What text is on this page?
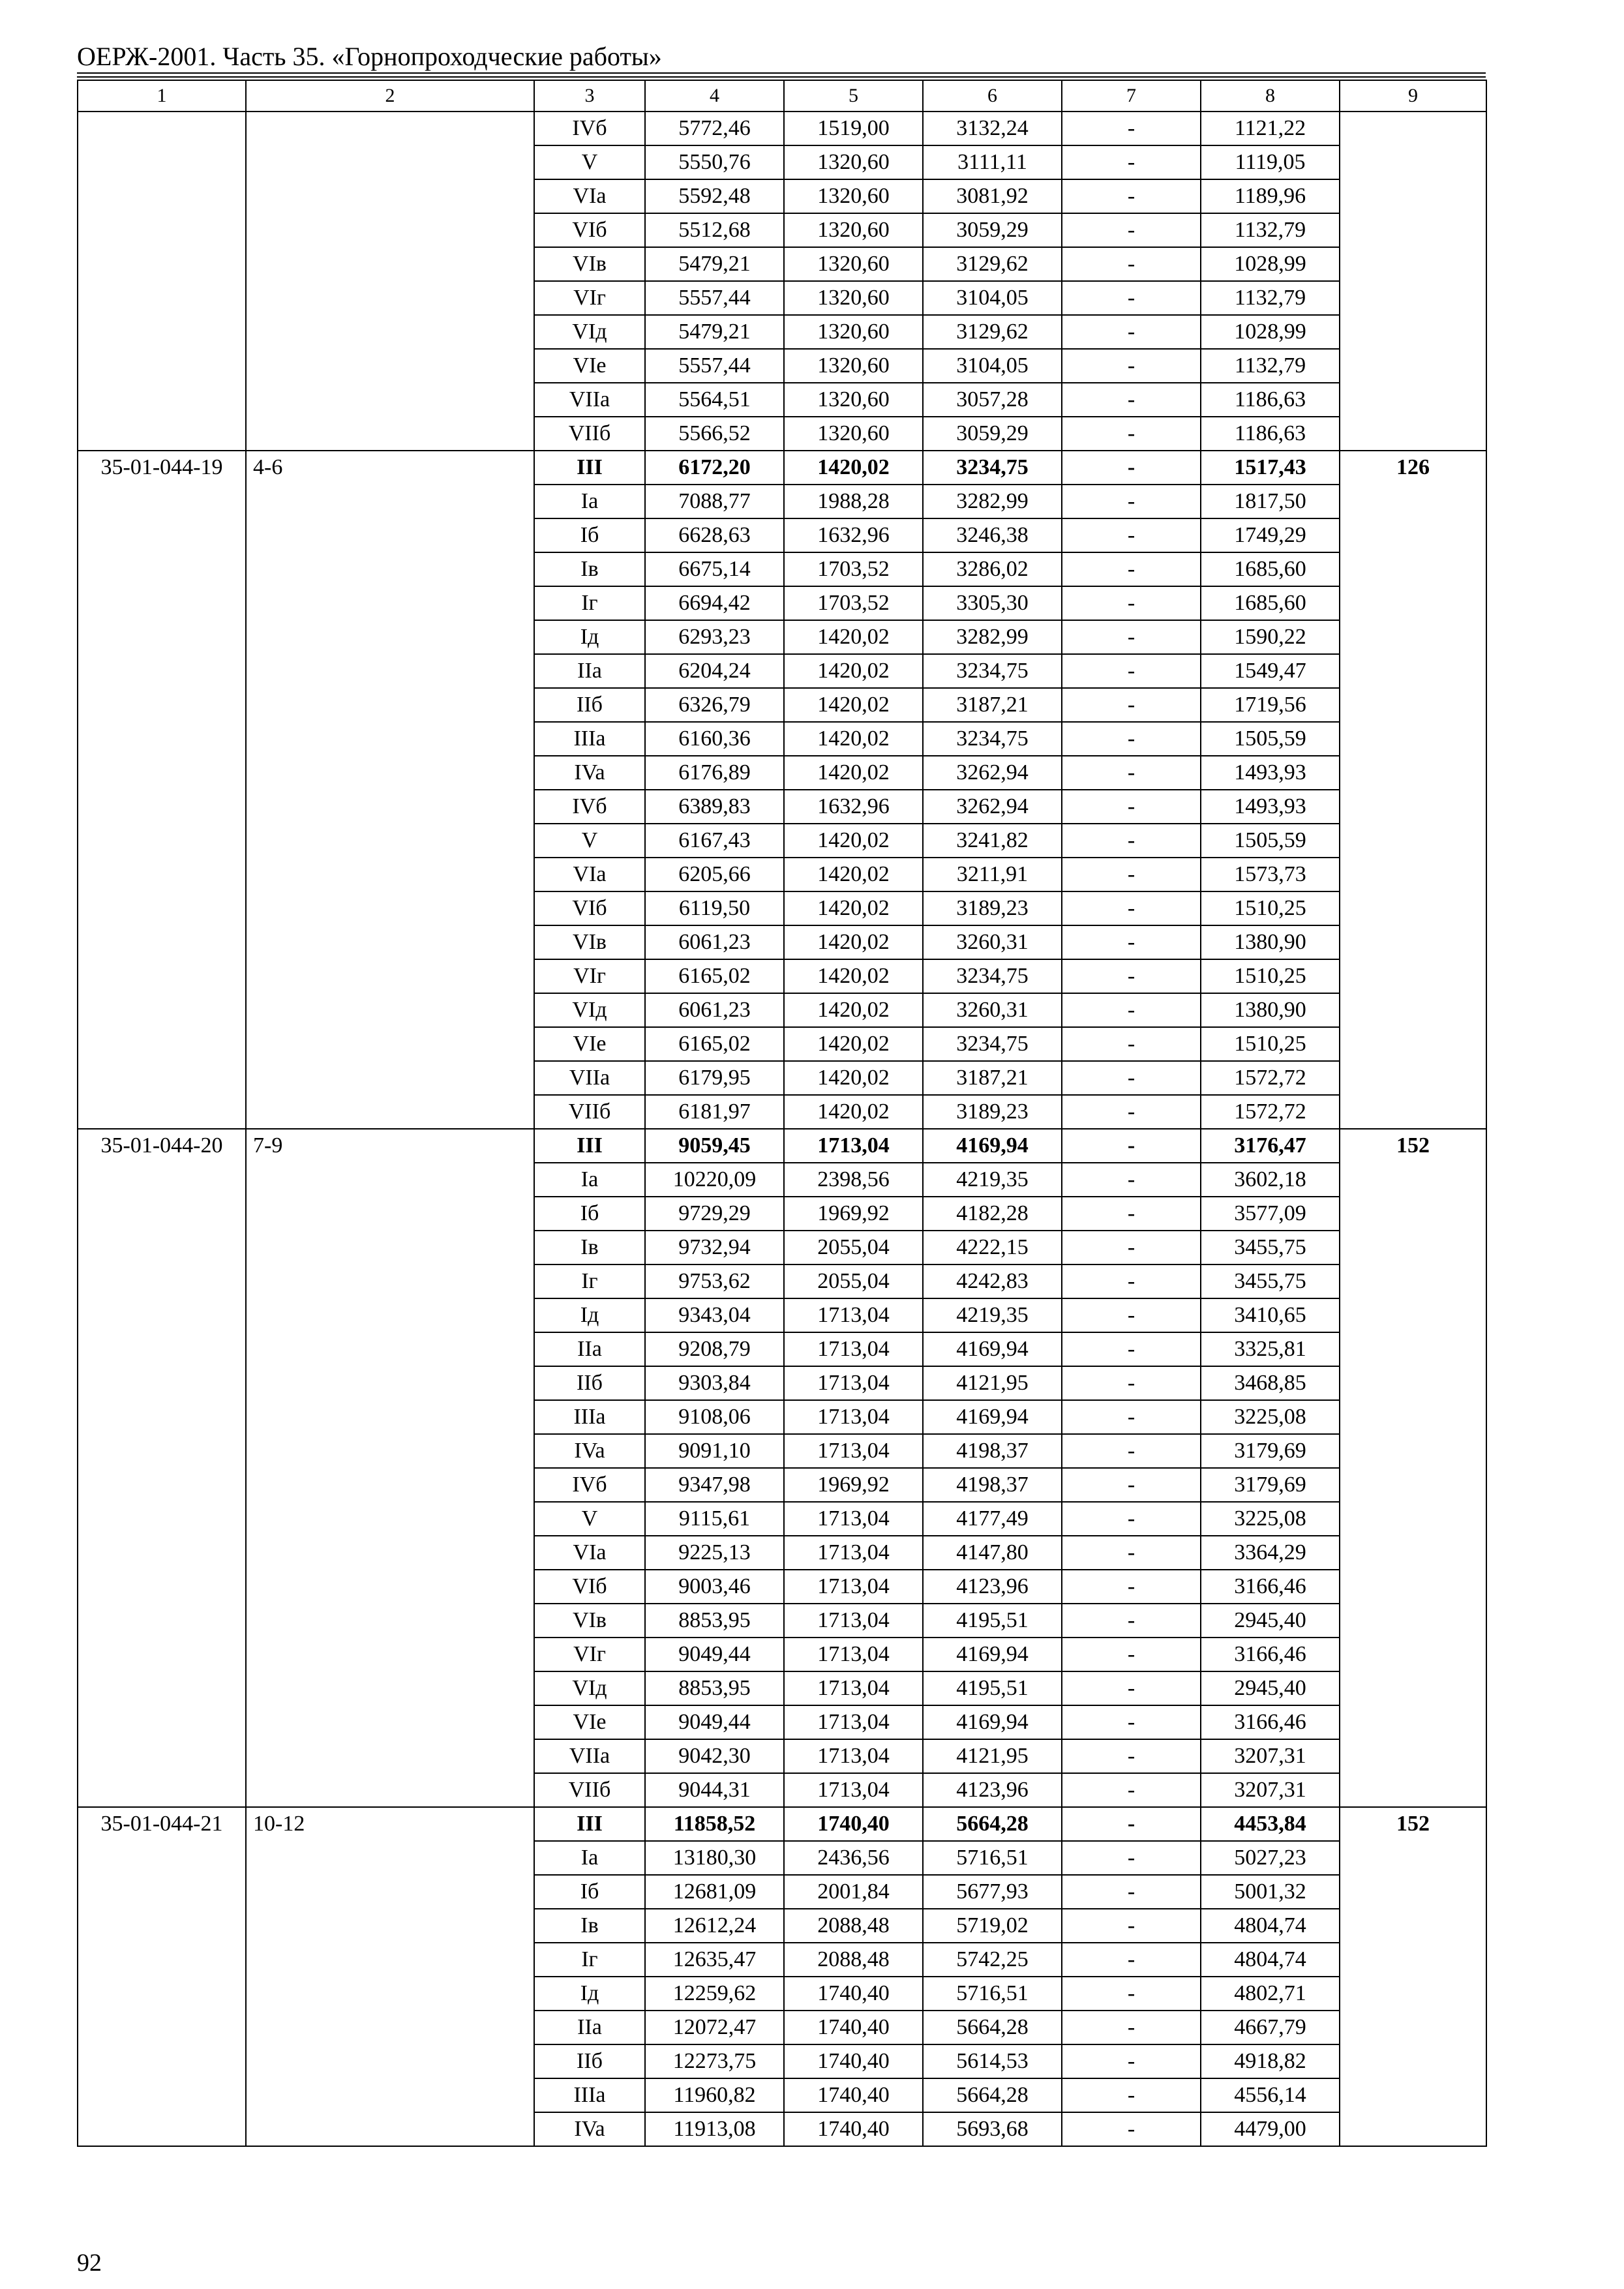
ОЕРЖ-2001. Часть 35. «Горнопроходческие работы»
1	2	3	4	5	6	7	8	9
		IVб	5772,46	1519,00	3132,24	-	1121,22	
		V	5550,76	1320,60	3111,11	-	1119,05	
		VIa	5592,48	1320,60	3081,92	-	1189,96	
		VIб	5512,68	1320,60	3059,29	-	1132,79	
		VIв	5479,21	1320,60	3129,62	-	1028,99	
		VIг	5557,44	1320,60	3104,05	-	1132,79	
		VIд	5479,21	1320,60	3129,62	-	1028,99	
		VIe	5557,44	1320,60	3104,05	-	1132,79	
		VIIa	5564,51	1320,60	3057,28	-	1186,63	
		VIIб	5566,52	1320,60	3059,29	-	1186,63	
35-01-044-19	4-6	III	6172,20	1420,02	3234,75	-	1517,43	126
		Ia	7088,77	1988,28	3282,99	-	1817,50	
		Iб	6628,63	1632,96	3246,38	-	1749,29	
		Iв	6675,14	1703,52	3286,02	-	1685,60	
		Iг	6694,42	1703,52	3305,30	-	1685,60	
		Iд	6293,23	1420,02	3282,99	-	1590,22	
		IIa	6204,24	1420,02	3234,75	-	1549,47	
		IIб	6326,79	1420,02	3187,21	-	1719,56	
		IIIa	6160,36	1420,02	3234,75	-	1505,59	
		IVa	6176,89	1420,02	3262,94	-	1493,93	
		IVб	6389,83	1632,96	3262,94	-	1493,93	
		V	6167,43	1420,02	3241,82	-	1505,59	
		VIa	6205,66	1420,02	3211,91	-	1573,73	
		VIб	6119,50	1420,02	3189,23	-	1510,25	
		VIв	6061,23	1420,02	3260,31	-	1380,90	
		VIг	6165,02	1420,02	3234,75	-	1510,25	
		VIд	6061,23	1420,02	3260,31	-	1380,90	
		VIe	6165,02	1420,02	3234,75	-	1510,25	
		VIIa	6179,95	1420,02	3187,21	-	1572,72	
		VIIб	6181,97	1420,02	3189,23	-	1572,72	
35-01-044-20	7-9	III	9059,45	1713,04	4169,94	-	3176,47	152
		Ia	10220,09	2398,56	4219,35	-	3602,18	
		Iб	9729,29	1969,92	4182,28	-	3577,09	
		Iв	9732,94	2055,04	4222,15	-	3455,75	
		Iг	9753,62	2055,04	4242,83	-	3455,75	
		Iд	9343,04	1713,04	4219,35	-	3410,65	
		IIa	9208,79	1713,04	4169,94	-	3325,81	
		IIб	9303,84	1713,04	4121,95	-	3468,85	
		IIIa	9108,06	1713,04	4169,94	-	3225,08	
		IVa	9091,10	1713,04	4198,37	-	3179,69	
		IVб	9347,98	1969,92	4198,37	-	3179,69	
		V	9115,61	1713,04	4177,49	-	3225,08	
		VIa	9225,13	1713,04	4147,80	-	3364,29	
		VIб	9003,46	1713,04	4123,96	-	3166,46	
		VIв	8853,95	1713,04	4195,51	-	2945,40	
		VIг	9049,44	1713,04	4169,94	-	3166,46	
		VIд	8853,95	1713,04	4195,51	-	2945,40	
		VIe	9049,44	1713,04	4169,94	-	3166,46	
		VIIa	9042,30	1713,04	4121,95	-	3207,31	
		VIIб	9044,31	1713,04	4123,96	-	3207,31	
35-01-044-21	10-12	III	11858,52	1740,40	5664,28	-	4453,84	152
		Ia	13180,30	2436,56	5716,51	-	5027,23	
		Iб	12681,09	2001,84	5677,93	-	5001,32	
		Iв	12612,24	2088,48	5719,02	-	4804,74	
		Iг	12635,47	2088,48	5742,25	-	4804,74	
		Iд	12259,62	1740,40	5716,51	-	4802,71	
		IIa	12072,47	1740,40	5664,28	-	4667,79	
		IIб	12273,75	1740,40	5614,53	-	4918,82	
		IIIa	11960,82	1740,40	5664,28	-	4556,14	
		IVa	11913,08	1740,40	5693,68	-	4479,00	
92
